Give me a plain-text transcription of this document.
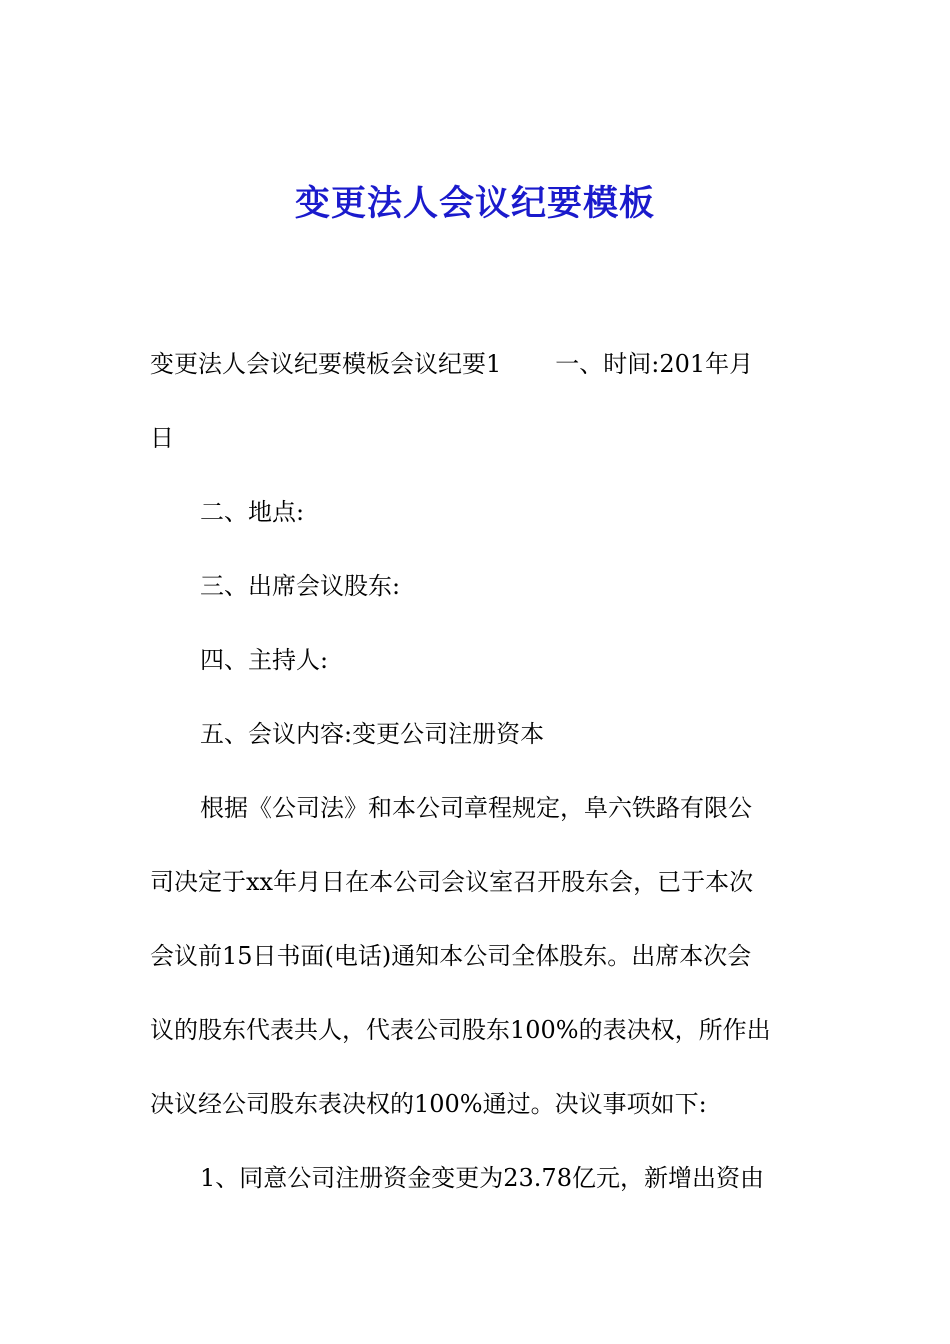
变更法人会议纪要模板
变更法人会议纪要模板会议纪要1 一、时间:201年月
日
二、地点:
三、出席会议股东:
四、主持人:
五、会议内容:变更公司注册资本
根据《公司法》和本公司章程规定，阜六铁路有限公
司决定于xx年月日在本公司会议室召开股东会，已于本次
会议前15日书面(电话)通知本公司全体股东。出席本次会
议的股东代表共人，代表公司股东100%的表决权，所作出
决议经公司股东表决权的100%通过。决议事项如下:
1、同意公司注册资金变更为23.78亿元，新增出资由
